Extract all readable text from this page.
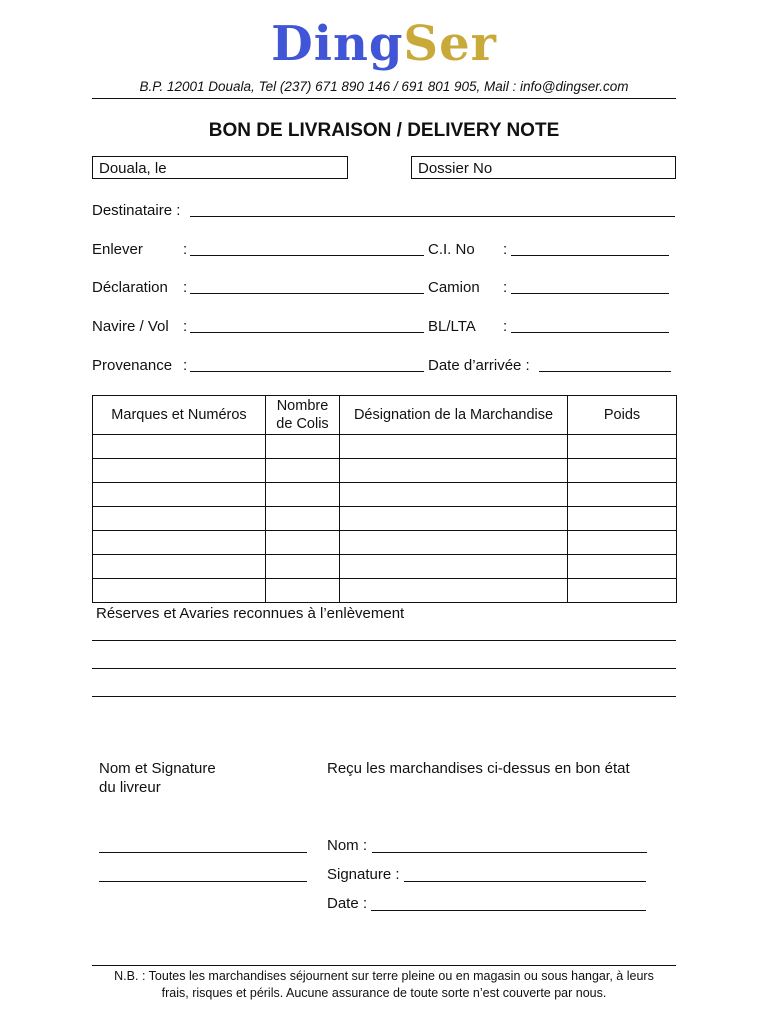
DingSer
B.P. 12001 Douala, Tel (237) 671 890 146 / 691 801 905, Mail : info@dingser.com
BON DE LIVRAISON / DELIVERY NOTE
Douala, le	Dossier No
Destinataire :
Enlever	:	C.I. No :
Déclaration :	Camion :
Navire / Vol :	BL/LTA :
Provenance :	Date d’arrivée :
Marques et Numéros	Nombre de Colis	Désignation de la Marchandise	Poids

Réserves et Avaries reconnues à l’enlèvement
Nom et Signature
du livreur
Reçu les marchandises ci-dessus en bon état
Nom :
Signature :
Date :
N.B. : Toutes les marchandises séjournent sur terre pleine ou en magasin ou sous hangar, à leurs
frais, risques et périls. Aucune assurance de toute sorte n’est couverte par nous.
